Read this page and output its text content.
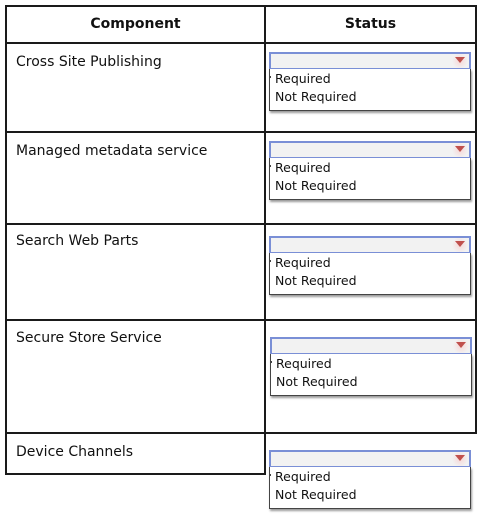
Component	Status
Cross Site Publishing
Managed metadata service
Search Web Parts
Secure Store Service
Device Channels
Required
Not Required
Required
Not Required
Required
Not Required
Required
Not Required
Required
Not Required
